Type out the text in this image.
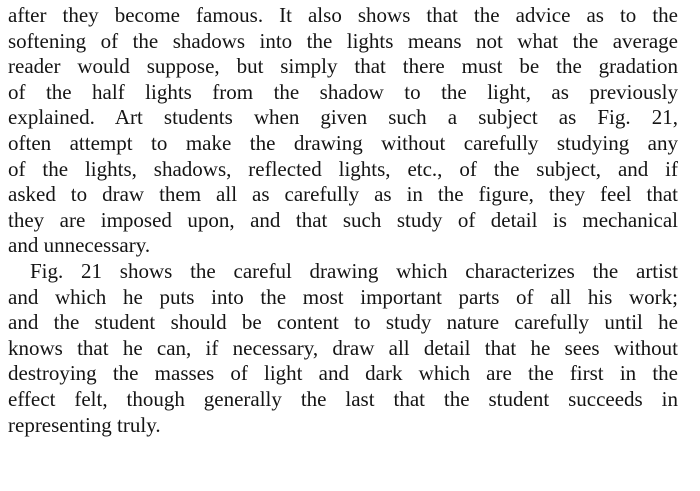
after they become famous. It also shows that the advice as to the
softening of the shadows into the lights means not what the average
reader would suppose, but simply that there must be the gradation
of the half lights from the shadow to the light, as previously
explained. Art students when given such a subject as Fig. 21,
often attempt to make the drawing without carefully studying any
of the lights, shadows, reflected lights, etc., of the subject, and if
asked to draw them all as carefully as in the figure, they feel that
they are imposed upon, and that such study of detail is mechanical
and unnecessary.
Fig. 21 shows the careful drawing which characterizes the artist
and which he puts into the most important parts of all his work;
and the student should be content to study nature carefully until he
knows that he can, if necessary, draw all detail that he sees without
destroying the masses of light and dark which are the first in the
effect felt, though generally the last that the student succeeds in
representing truly.
